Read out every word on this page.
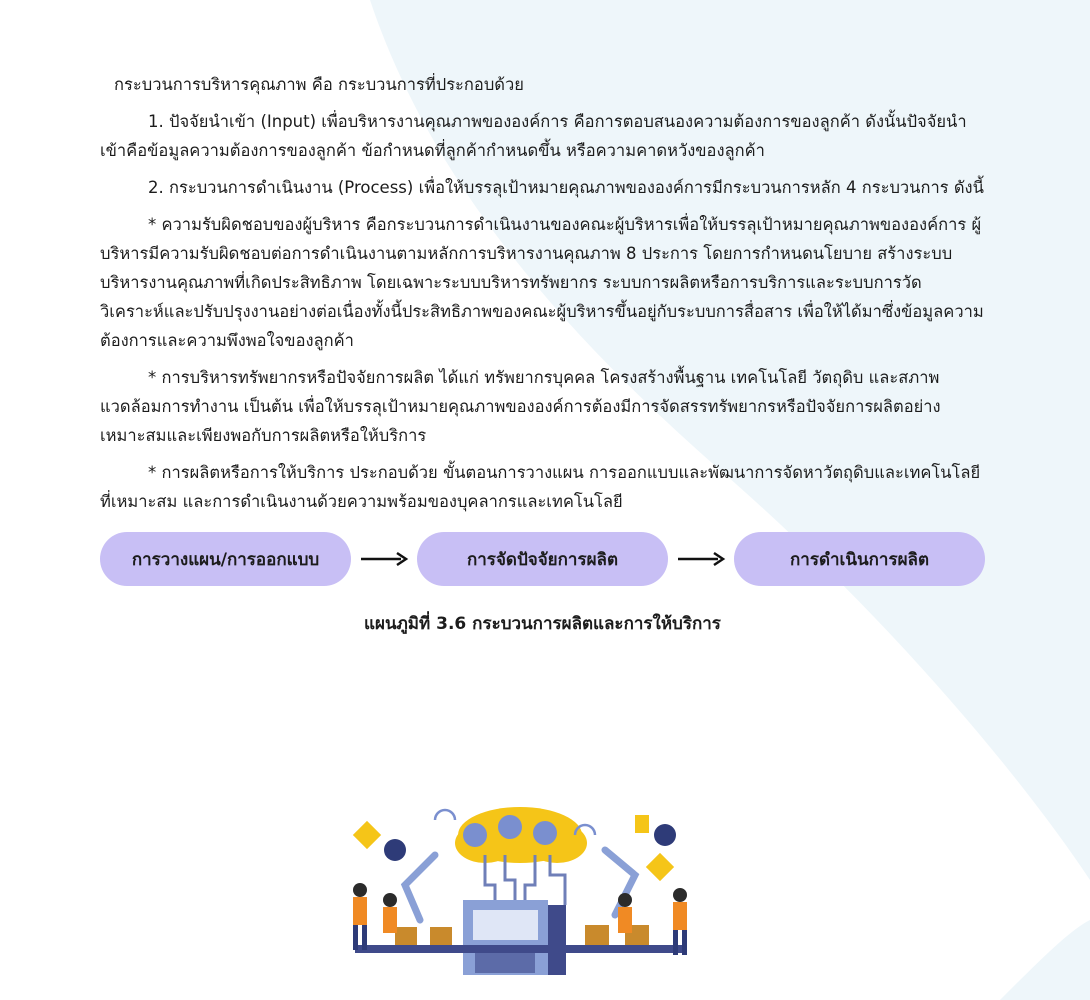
กระบวนการบริหารคุณภาพ คือ กระบวนการที่ประกอบด้วย

1. ปัจจัยนำเข้า (Input) เพื่อบริหารงานคุณภาพขององค์การ คือการตอบสนองความต้องการของลูกค้า ดังนั้นปัจจัยนำเข้าคือข้อมูลความต้องการของลูกค้า ข้อกำหนดที่ลูกค้ากำหนดขึ้น หรือความคาดหวังของลูกค้า

2. กระบวนการดำเนินงาน (Process) เพื่อให้บรรลุเป้าหมายคุณภาพขององค์การมีกระบวนการหลัก 4 กระบวนการ ดังนี้

* ความรับผิดชอบของผู้บริหาร คือกระบวนการดำเนินงานของคณะผู้บริหารเพื่อให้บรรลุเป้าหมายคุณภาพขององค์การ ผู้บริหารมีความรับผิดชอบต่อการดำเนินงานตามหลักการบริหารงานคุณภาพ 8 ประการ โดยการกำหนดนโยบาย สร้างระบบบริหารงานคุณภาพที่เกิดประสิทธิภาพ โดยเฉพาะระบบบริหารทรัพยากร ระบบการผลิตหรือการบริการและระบบการวัด วิเคราะห์และปรับปรุงงานอย่างต่อเนื่องทั้งนี้ประสิทธิภาพของคณะผู้บริหารขึ้นอยู่กับระบบการสื่อสาร เพื่อให้ได้มาซึ่งข้อมูลความต้องการและความพึงพอใจของลูกค้า

* การบริหารทรัพยากรหรือปัจจัยการผลิต ได้แก่ ทรัพยากรบุคคล โครงสร้างพื้นฐาน เทคโนโลยี วัตถุดิบ และสภาพแวดล้อมการทำงาน เป็นต้น เพื่อให้บรรลุเป้าหมายคุณภาพขององค์การต้องมีการจัดสรรทรัพยากรหรือปัจจัยการผลิตอย่างเหมาะสมและเพียงพอกับการผลิตหรือให้บริการ

* การผลิตหรือการให้บริการ ประกอบด้วย ขั้นตอนการวางแผน การออกแบบและพัฒนาการจัดหาวัตถุดิบและเทคโนโลยีที่เหมาะสม และการดำเนินงานด้วยความพร้อมของบุคลากรและเทคโนโลยี

การวางแผน/การออกแบบ	การจัดปัจจัยการผลิต	การดำเนินการผลิต
แผนภูมิที่ 3.6 กระบวนการผลิตและการให้บริการ
